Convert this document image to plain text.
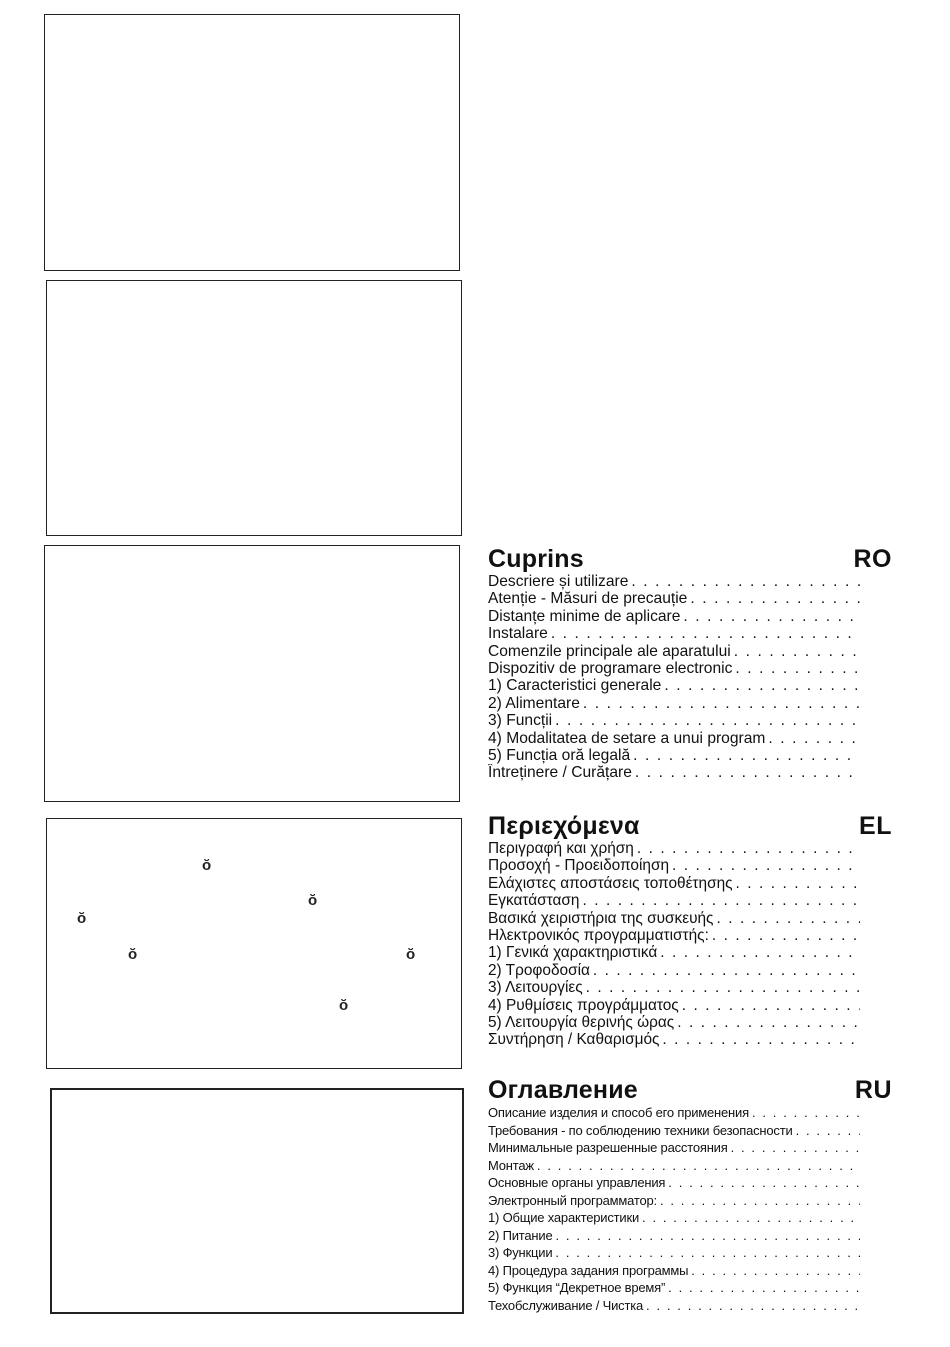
ŏ
ŏ
ŏ
ŏ	ŏ
ŏ
Cuprins	RO
Descriere și utilizare
. . .
Atenție - Măsuri de precauție
. . .
Distanțe minime de aplicare
. . .
Instalare
. . .
Comenzile principale ale aparatului
. . .
Dispozitiv de programare electronic
. . .
1) Caracteristici generale
. . .
2) Alimentare
. . .
3) Funcții
. . .
4) Modalitatea de setare a unui program
. . .
5) Funcția oră legală
. . .
Întreținere / Curățare
. . .
Περιεχόμενα	EL
Περιγραφή και χρήση
. . .
Προσοχή - Προειδοποίηση
. . .
Ελάχιστες αποστάσεις τοποθέτησης
. . .
Εγκατάσταση
. . .
Βασικά χειριστήρια της συσκευής
. . .
Ηλεκτρονικός προγραμματιστής:
. . .
1) Γενικά χαρακτηριστικά
. . .
2) Τροφοδοσία
. . .
3) Λειτουργίες
. . .
4) Ρυθμίσεις προγράμματος
. . .
5) Λειτουργία θερινής ώρας
. . .
Συντήρηση / Καθαρισμός
. . .
Оглавление	RU
Описание изделия и способ его применения
. . .
Требования - по соблюдению техники безопасности
. . .
Минимальные разрешенные расстояния
. . .
Монтаж
. . .
Основные органы управления
. . .
Электронный программатор:
. . .
1) Общие характеристики
. . .
2) Питание
. . .
3) Функции
. . .
4) Процедура задания программы
. . .
5) Функция “Декретное время”
. . .
Техобслуживание / Чистка
. . .
